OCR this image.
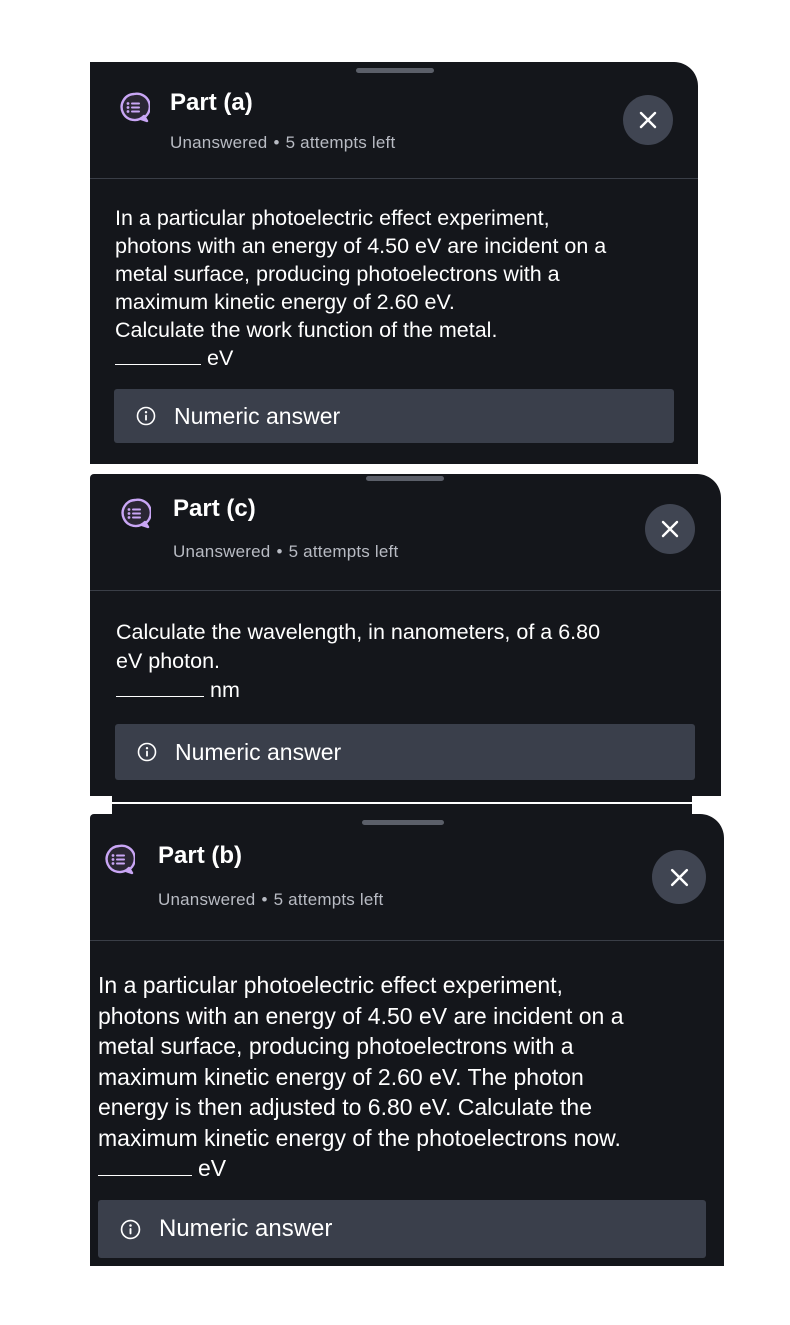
Part (a)
Unanswered • 5 attempts left

In a particular photoelectric effect experiment,

photons with an energy of 4.50 eV are incident on a

metal surface, producing photoelectrons with a

maximum kinetic energy of 2.60 eV.

Calculate the work function of the metal.

eV

Numeric answer
Part (c)
Unanswered • 5 attempts left

Calculate the wavelength, in nanometers, of a 6.80

eV photon.

nm

Numeric answer
Part (b)
Unanswered • 5 attempts left

In a particular photoelectric effect experiment,

photons with an energy of 4.50 eV are incident on a

metal surface, producing photoelectrons with a

maximum kinetic energy of 2.60 eV. The photon

energy is then adjusted to 6.80 eV. Calculate the

maximum kinetic energy of the photoelectrons now.

eV

Numeric answer
